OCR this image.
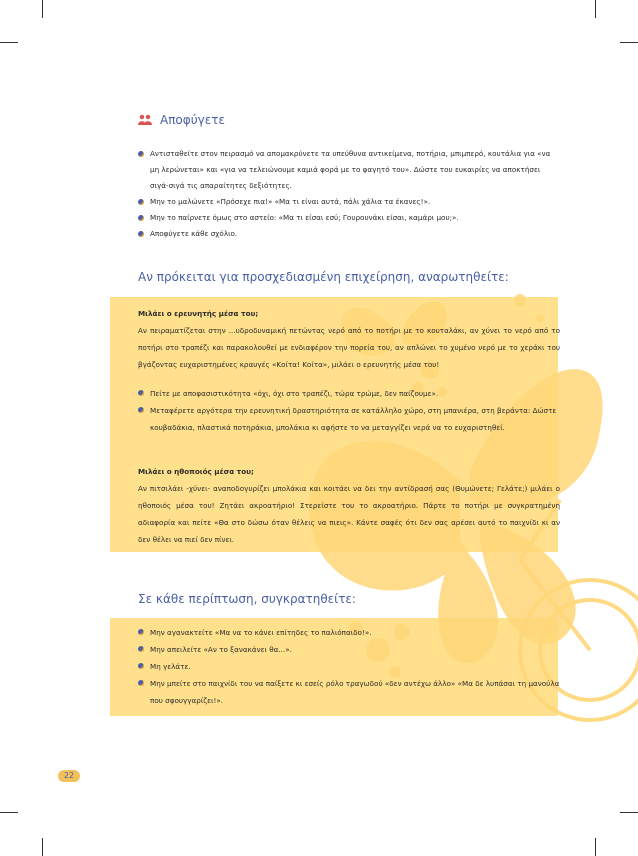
Αποφύγετε
Αντισταθείτε στον πειρασμό να απομακρύνετε τα υπεύθυνα αντικείμενα, ποτήρια, μπιμπερό, κουτάλια για «να μη λερώνεται» και «για να τελειώνουμε καμιά φορά με το φαγητό του». Δώστε του ευκαιρίες να αποκτήσει σιγά-σιγά τις απαραίτητες δεξιότητες.
Μην το μαλώνετε «Πρόσεχε πια!» «Μα τι είναι αυτά, πάλι χάλια τα έκανες!».
Μην το παίρνετε όμως στο αστείο: «Μα τι είσαι εσύ; Γουρουνάκι είσαι, καμάρι μου;».
Αποφύγετε κάθε σχόλιο.
Αν πρόκειται για προσχεδιασμένη επιχείρηση, αναρωτηθείτε:
Μιλάει ο ερευνητής μέσα του;
Αν πειραματίζεται στην ...υδροδυναμική πετώντας νερό από το ποτήρι με το κουταλάκι, αν χύνει το νερό από το ποτήρι στο τραπέζι και παρακολουθεί με ενδιαφέρον την πορεία του, αν απλώνει το χυμένο νερό με το χεράκι του βγάζοντας ευχαριστημένες κραυγές «Κοίτα! Κοίτα», μιλάει ο ερευνητής μέσα του!
Πείτε με αποφασιστικότητα «όχι, όχι στο τραπέζι, τώρα τρώμε, δεν παίζουμε».
Μεταφέρετε αργότερα την ερευνητική δραστηριότητα σε κατάλληλο χώρο, στη μπανιέρα, στη βεράντα: Δώστε κουβαδάκια, πλαστικά ποτηράκια, μπολάκια κι αφήστε το να μεταγγίζει νερά να το ευχαριστηθεί.
Μιλάει ο ηθοποιός μέσα του;
Αν πιτσιλάει -χύνει- αναποδογυρίζει μπολάκια και κοιτάει να δει την αντίδρασή σας (Θυμώνετε; Γελάτε;) μιλάει ο ηθοποιός μέσα του! Ζητάει ακροατήριο! Στερείστε του το ακροατήριο. Πάρτε το ποτήρι με συγκρατημένη αδιαφορία και πείτε «Θα στο δώσω όταν θέλεις να πιεις». Κάντε σαφές ότι δεν σας αρέσει αυτό το παιχνίδι κι αν δεν θέλει να πιεί δεν πίνει.
Σε κάθε περίπτωση, συγκρατηθείτε:
Μην αγανακτείτε «Μα να το κάνει επίτηδες το παλιόπαιδο!».
Μην απειλείτε «Αν το ξανακάνει θα...».
Μη γελάτε.
Μην μπείτε στο παιχνίδι του να παίξετε κι εσείς ρόλο τραγωδού «δεν αντέχω άλλο» «Μα δε λυπάσαι τη μανούλα που σφουγγαρίζει!».
22
